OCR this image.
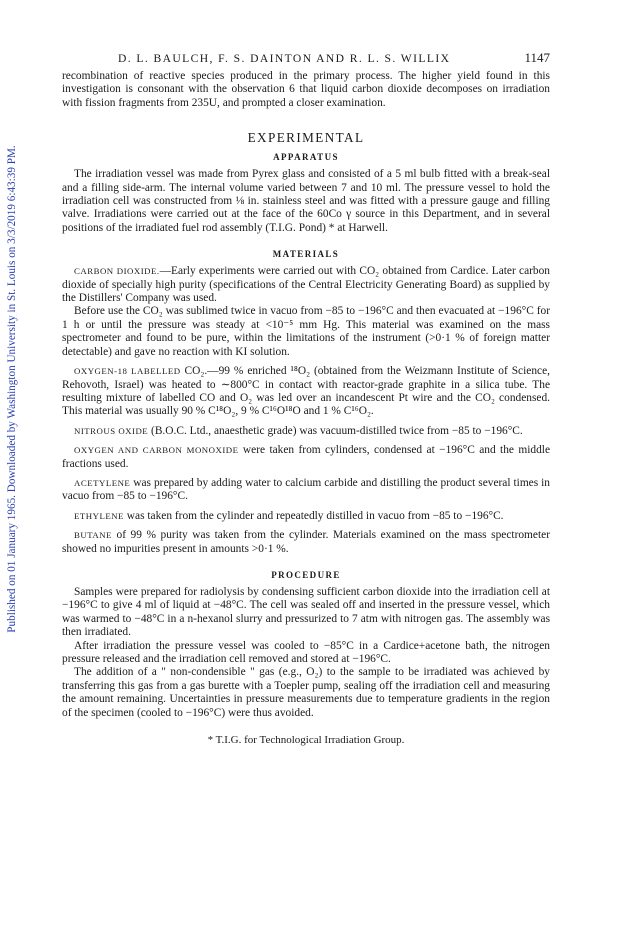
Published on 01 January 1965. Downloaded by Washington University in St. Louis on 3/3/2019 6:43:39 PM.
D. L. BAULCH, F. S. DAINTON AND R. L. S. WILLIX	1147

recombination of reactive species produced in the primary process. The higher yield found in this investigation is consonant with the observation 6 that liquid carbon dioxide decomposes on irradiation with fission fragments from 235U, and prompted a closer examination.

EXPERIMENTAL
APPARATUS

The irradiation vessel was made from Pyrex glass and consisted of a 5 ml bulb fitted with a break-seal and a filling side-arm. The internal volume varied between 7 and 10 ml. The pressure vessel to hold the irradiation cell was constructed from ⅛ in. stainless steel and was fitted with a pressure gauge and filling valve. Irradiations were carried out at the face of the 60Co γ source in this Department, and in several positions of the irradiated fuel rod assembly (T.I.G. Pond) * at Harwell.

MATERIALS

CARBON DIOXIDE.—Early experiments were carried out with CO₂ obtained from Cardice. Later carbon dioxide of specially high purity (specifications of the Central Electricity Generating Board) as supplied by the Distillers' Company was used.

Before use the CO₂ was sublimed twice in vacuo from −85 to −196°C and then evacuated at −196°C for 1 h or until the pressure was steady at <10⁻⁵ mm Hg. This material was examined on the mass spectrometer and found to be pure, within the limitations of the instrument (>0·1 % of foreign matter detectable) and gave no reaction with KI solution.

OXYGEN-18 LABELLED CO₂.—99 % enriched ¹⁸O₂ (obtained from the Weizmann Institute of Science, Rehovoth, Israel) was heated to ∼800°C in contact with reactor-grade graphite in a silica tube. The resulting mixture of labelled CO and O₂ was led over an incandescent Pt wire and the CO₂ condensed. This material was usually 90 % C¹⁸O₂, 9 % C¹⁶O¹⁸O and 1 % C¹⁶O₂.

NITROUS OXIDE (B.O.C. Ltd., anaesthetic grade) was vacuum-distilled twice from −85 to −196°C.

OXYGEN AND CARBON MONOXIDE were taken from cylinders, condensed at −196°C and the middle fractions used.

ACETYLENE was prepared by adding water to calcium carbide and distilling the product several times in vacuo from −85 to −196°C.

ETHYLENE was taken from the cylinder and repeatedly distilled in vacuo from −85 to −196°C.

BUTANE of 99 % purity was taken from the cylinder. Materials examined on the mass spectrometer showed no impurities present in amounts >0·1 %.

PROCEDURE

Samples were prepared for radiolysis by condensing sufficient carbon dioxide into the irradiation cell at −196°C to give 4 ml of liquid at −48°C. The cell was sealed off and inserted in the pressure vessel, which was warmed to −48°C in a n-hexanol slurry and pressurized to 7 atm with nitrogen gas. The assembly was then irradiated.

After irradiation the pressure vessel was cooled to −85°C in a Cardice+acetone bath, the nitrogen pressure released and the irradiation cell removed and stored at −196°C.

The addition of a " non-condensible " gas (e.g., O₂) to the sample to be irradiated was achieved by transferring this gas from a gas burette with a Toepler pump, sealing off the irradiation cell and measuring the amount remaining. Uncertainties in pressure measurements due to temperature gradients in the region of the specimen (cooled to −196°C) were thus avoided.

* T.I.G. for Technological Irradiation Group.
